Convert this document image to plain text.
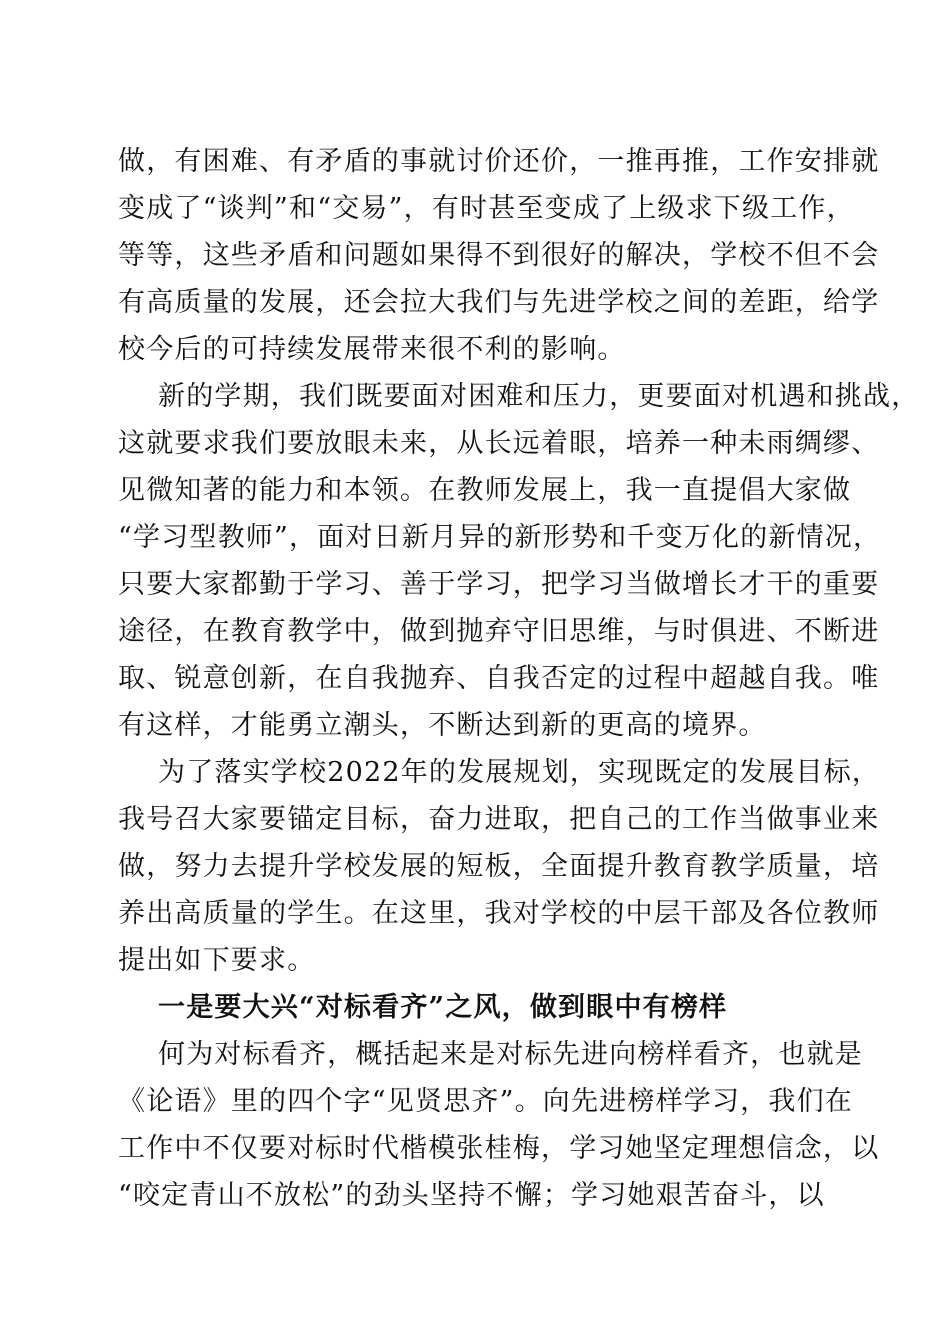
做，有困难、有矛盾的事就讨价还价，一推再推，工作安排就
变成了“谈判”和“交易”，有时甚至变成了上级求下级工作，
等等，这些矛盾和问题如果得不到很好的解决，学校不但不会
有高质量的发展，还会拉大我们与先进学校之间的差距，给学
校今后的可持续发展带来很不利的影响。
新的学期，我们既要面对困难和压力，更要面对机遇和挑战，
这就要求我们要放眼未来，从长远着眼，培养一种未雨绸缪、
见微知著的能力和本领。在教师发展上，我一直提倡大家做
“学习型教师”，面对日新月异的新形势和千变万化的新情况，
只要大家都勤于学习、善于学习，把学习当做增长才干的重要
途径，在教育教学中，做到抛弃守旧思维，与时俱进、不断进
取、锐意创新，在自我抛弃、自我否定的过程中超越自我。唯
有这样，才能勇立潮头，不断达到新的更高的境界。
为了落实学校2022年的发展规划，实现既定的发展目标，
我号召大家要锚定目标，奋力进取，把自己的工作当做事业来
做，努力去提升学校发展的短板，全面提升教育教学质量，培
养出高质量的学生。在这里，我对学校的中层干部及各位教师
提出如下要求。
一是要大兴“对标看齐”之风，做到眼中有榜样
何为对标看齐，概括起来是对标先进向榜样看齐，也就是
《论语》里的四个字“见贤思齐”。向先进榜样学习，我们在
工作中不仅要对标时代楷模张桂梅，学习她坚定理想信念，以
“咬定青山不放松”的劲头坚持不懈；学习她艰苦奋斗，以
